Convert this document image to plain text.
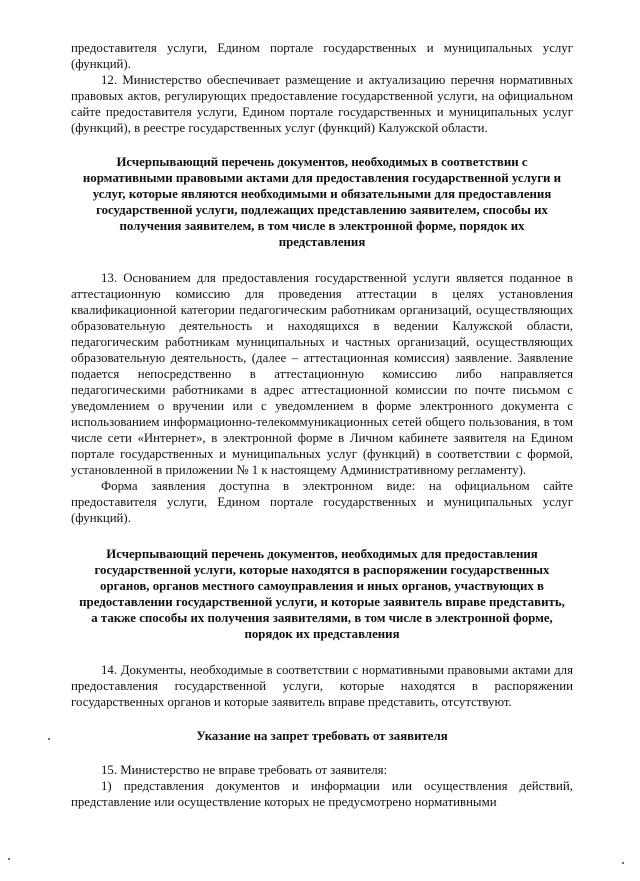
предоставителя услуги, Едином портале государственных и муниципальных услуг (функций).

12. Министерство обеспечивает размещение и актуализацию перечня нормативных правовых актов, регулирующих предоставление государственной услуги, на официальном сайте предоставителя услуги, Едином портале государственных и муниципальных услуг (функций), в реестре государственных услуг (функций) Калужской области.

Исчерпывающий перечень документов, необходимых в соответствии с нормативными правовыми актами для предоставления государственной услуги и услуг, которые являются необходимыми и обязательными для предоставления государственной услуги, подлежащих представлению заявителем, способы их получения заявителем, в том числе в электронной форме, порядок их представления

13. Основанием для предоставления государственной услуги является поданное в аттестационную комиссию для проведения аттестации в целях установления квалификационной категории педагогическим работникам организаций, осуществляющих образовательную деятельность и находящихся в ведении Калужской области, педагогическим работникам муниципальных и частных организаций, осуществляющих образовательную деятельность, (далее – аттестационная комиссия) заявление. Заявление подается непосредственно в аттестационную комиссию либо направляется педагогическими работниками в адрес аттестационной комиссии по почте письмом с уведомлением о вручении или с уведомлением в форме электронного документа с использованием информационно-телекоммуникационных сетей общего пользования, в том числе сети «Интернет», в электронной форме в Личном кабинете заявителя на Едином портале государственных и муниципальных услуг (функций) в соответствии с формой, установленной в приложении № 1 к настоящему Административному регламенту).

Форма заявления доступна в электронном виде: на официальном сайте предоставителя услуги, Едином портале государственных и муниципальных услуг (функций).

Исчерпывающий перечень документов, необходимых для предоставления государственной услуги, которые находятся в распоряжении государственных органов, органов местного самоуправления и иных органов, участвующих в предоставлении государственной услуги, и которые заявитель вправе представить, а также способы их получения заявителями, в том числе в электронной форме, порядок их представления

14. Документы, необходимые в соответствии с нормативными правовыми актами для предоставления государственной услуги, которые находятся в распоряжении государственных органов и которые заявитель вправе представить, отсутствуют.

Указание на запрет требовать от заявителя

15. Министерство не вправе требовать от заявителя:

1) представления документов и информации или осуществления действий, представление или осуществление которых не предусмотрено нормативными
